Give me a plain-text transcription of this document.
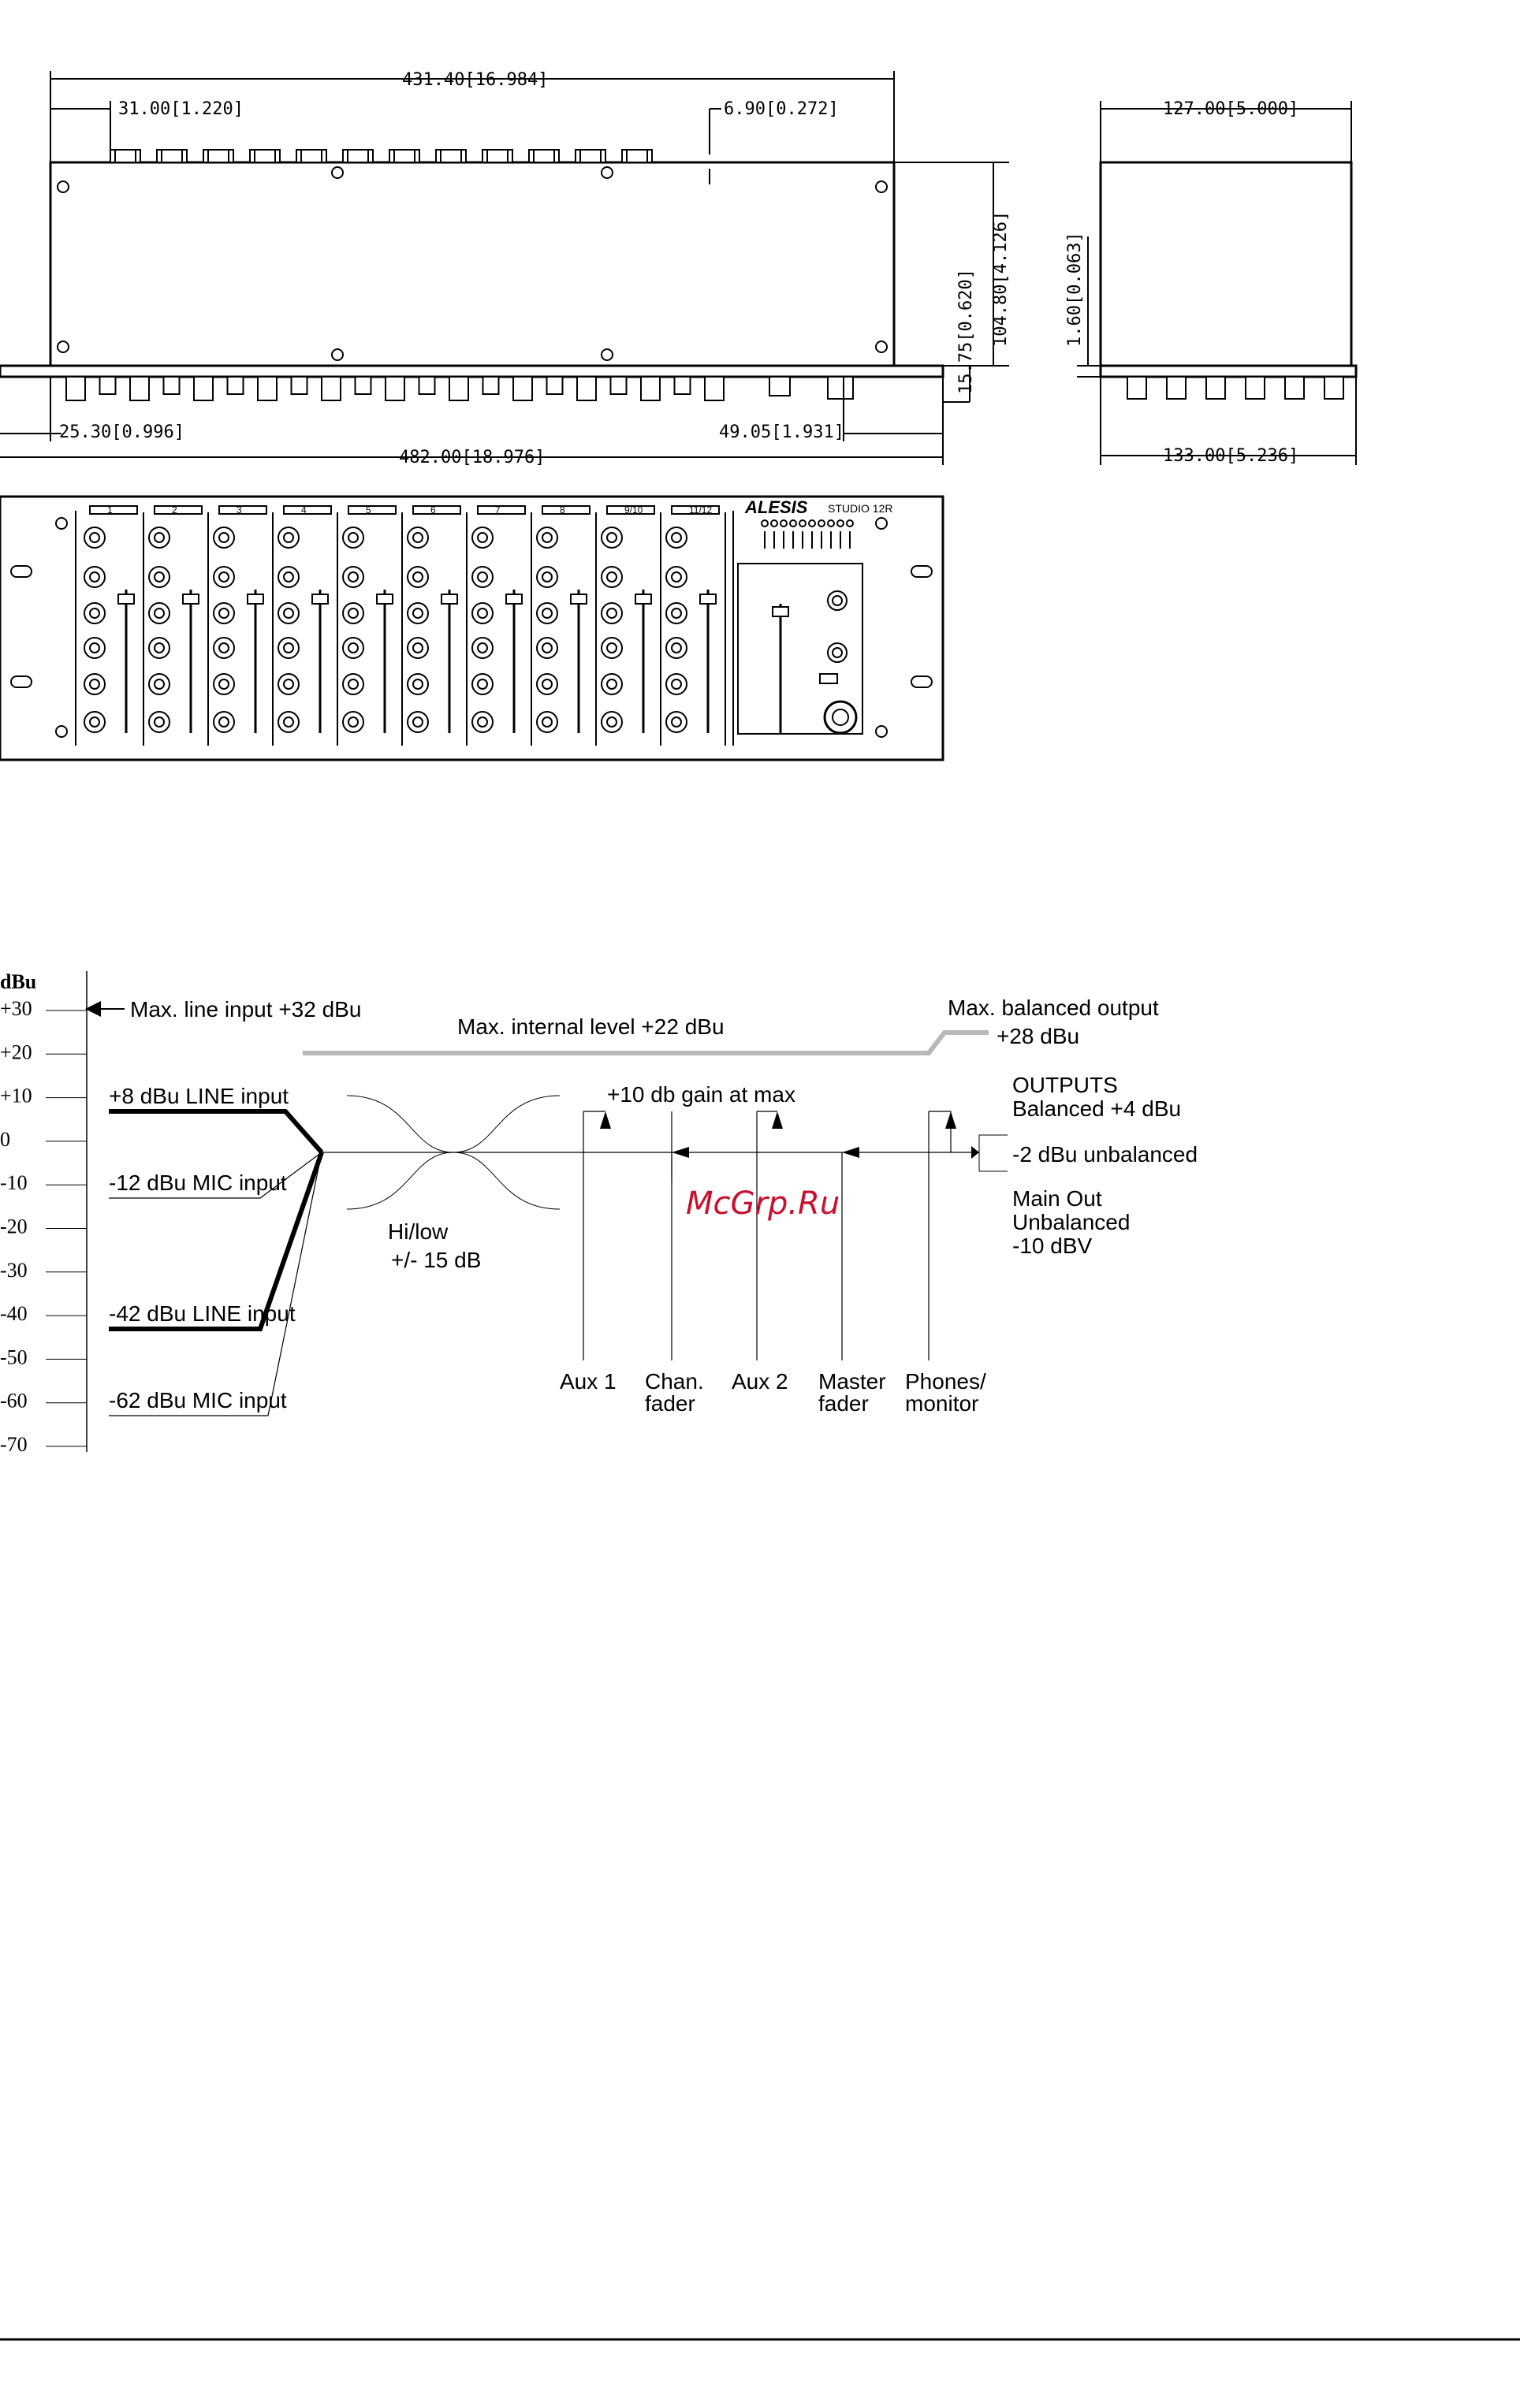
431.40[16.984]
31.00[1.220]	6.90[0.272]
25.30[0.996]	49.05[1.931]
482.00[18.976]
15.75[0.620] 104.80[4.126]
127.00[5.000]
1.60[0.063]
133.00[5.236]
ALESIS STUDIO 12R
1	2	3	4	5	6	7	8	9/10	11/12
+30
+20
+10
0
-10
-20
-30
-40
-50
-60
-70
dBu
Max. line input +32 dBu
Max. internal level +22 dBu
Max. balanced output
+28 dBu
+8 dBu LINE input
-12 dBu MIC input
-42 dBu LINE input
-62 dBu MIC input
Hi/low
+/- 15 dB
+10 db gain at max
Aux 1 Chan.
fader
Aux 2 Master
fader
Phones/
monitor
OUTPUTS
Balanced +4 dBu
-2 dBu unbalanced
Main Out
Unbalanced
-10 dBV
McGrp.Ru
